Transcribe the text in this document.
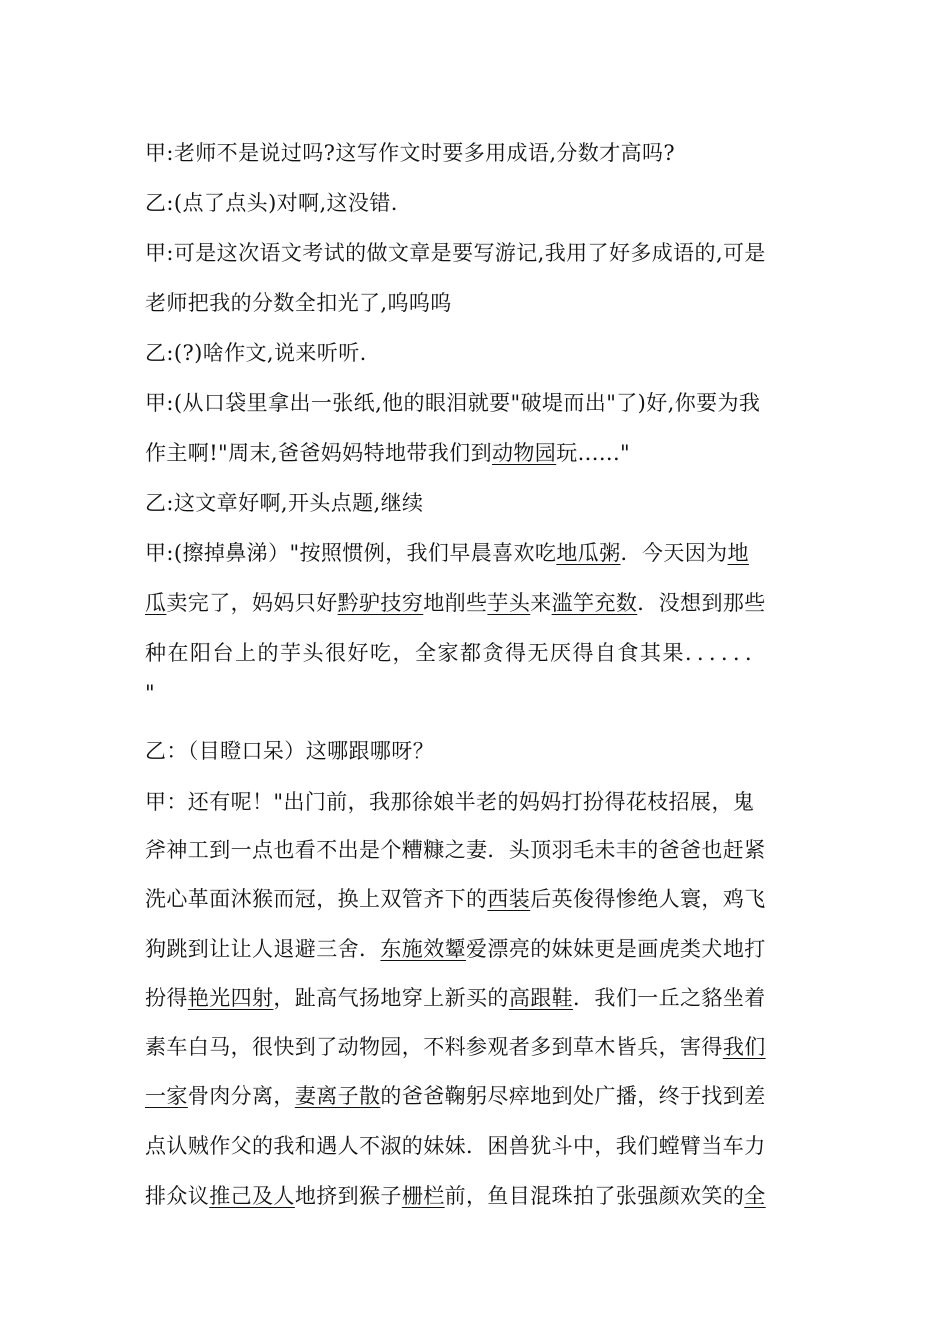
甲:老师不是说过吗?这写作文时要多用成语,分数才高吗?
乙:(点了点头)对啊,这没错.
甲:可是这次语文考试的做文章是要写游记,我用了好多成语的,可是
老师把我的分数全扣光了,呜呜呜
乙:(?)啥作文,说来听听.
甲:(从口袋里拿出一张纸,他的眼泪就要"破堤而出"了)好,你要为我
作主啊!"周末,爸爸妈妈特地带我们到动物园玩......"
乙:这文章好啊,开头点题,继续
甲:(擦掉鼻涕）"按照惯例，我们早晨喜欢吃地瓜粥．今天因为地
瓜卖完了，妈妈只好黔驴技穷地削些芋头来滥竽充数．没想到那些
种在阳台上的芋头很好吃，全家都贪得无厌得自食其果．．．．．．
"
乙：（目瞪口呆）这哪跟哪呀？
甲：还有呢！"出门前，我那徐娘半老的妈妈打扮得花枝招展，鬼
斧神工到一点也看不出是个糟糠之妻．头顶羽毛未丰的爸爸也赶紧
洗心革面沐猴而冠，换上双管齐下的西装后英俊得惨绝人寰，鸡飞
狗跳到让让人退避三舍．东施效颦爱漂亮的妹妹更是画虎类犬地打
扮得艳光四射，趾高气扬地穿上新买的高跟鞋．我们一丘之貉坐着
素车白马，很快到了动物园，不料参观者多到草木皆兵，害得我们
一家骨肉分离，妻离子散的爸爸鞠躬尽瘁地到处广播，终于找到差
点认贼作父的我和遇人不淑的妹妹．困兽犹斗中，我们螳臂当车力
排众议推己及人地挤到猴子栅栏前，鱼目混珠拍了张强颜欢笑的全
